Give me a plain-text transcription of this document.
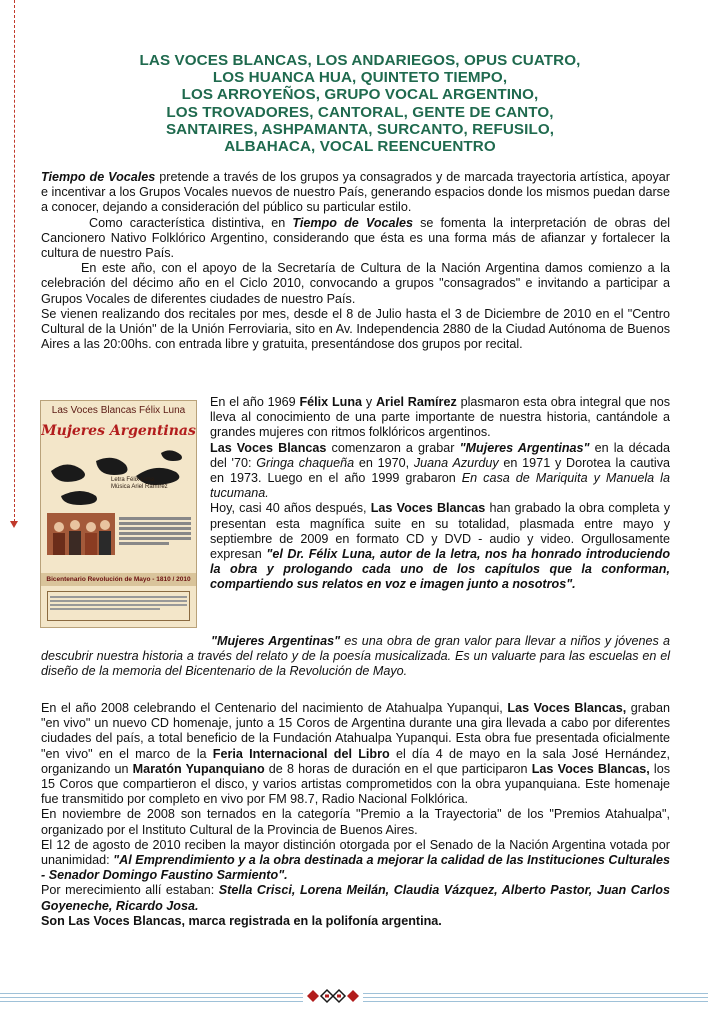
LAS VOCES BLANCAS, LOS ANDARIEGOS, OPUS CUATRO,
LOS HUANCA HUA, QUINTETO TIEMPO,
LOS ARROYEÑOS, GRUPO VOCAL ARGENTINO,
LOS TROVADORES, CANTORAL, GENTE DE CANTO,
SANTAIRES, ASHPAMANTA, SURCANTO, REFUSILO,
ALBAHACA, VOCAL REENCUENTRO

Tiempo de Vocales pretende a través de los grupos ya consagrados y de marcada trayectoria artística, apoyar e incentivar a los Grupos Vocales nuevos de nuestro País, generando espacios donde los mismos puedan darse a conocer, dejando a consideración del público su particular estilo.

Como característica distintiva, en Tiempo de Vocales se fomenta la interpretación de obras del Cancionero Nativo Folklórico Argentino, considerando que ésta es una forma más de afianzar y fortalecer la cultura de nuestro País.

En este año, con el apoyo de la Secretaría de Cultura de la Nación Argentina damos comienzo a la celebración del décimo año en el Ciclo 2010, convocando a grupos "consagrados" e invitando a participar a Grupos Vocales de diferentes ciudades de nuestro País.

Se vienen realizando dos recitales por mes, desde el 8 de Julio hasta el 3 de Diciembre de 2010 en el "Centro Cultural de la Unión" de la Unión Ferroviaria, sito en Av. Independencia 2880 de la Ciudad Autónoma de Buenos Aires a las 20:00hs. con entrada libre y gratuita, presentándose dos grupos por recital.

Las Voces Blancas Félix Luna
Mujeres Argentinas
Letra Félix Luna
Música Ariel Ramírez
Bicentenario Revolución de Mayo - 1810 / 2010

En el año 1969 Félix Luna y Ariel Ramírez plasmaron esta obra integral que nos lleva al conocimiento de una parte importante de nuestra historia, cantándole a grandes mujeres con ritmos folklóricos argentinos.

Las Voces Blancas comenzaron a grabar "Mujeres Argentinas" en la década del '70: Gringa chaqueña en 1970, Juana Azurduy en 1971 y Dorotea la cautiva en 1973. Luego en el año 1999 grabaron En casa de Mariquita y Manuela la tucumana.

Hoy, casi 40 años después, Las Voces Blancas han grabado la obra completa y presentan esta magnífica suite en su totalidad, plasmada entre mayo y septiembre de 2009 en formato CD y DVD - audio y video. Orgullosamente expresan "el Dr. Félix Luna, autor de la letra, nos ha honrado introduciendo la obra y prologando cada uno de los capítulos que la conforman, compartiendo sus relatos en voz e imagen junto a nosotros".

"Mujeres Argentinas" es una obra de gran valor para llevar a niños y jóvenes a descubrir nuestra historia a través del relato y de la poesía musicalizada. Es un valuarte para las escuelas en el diseño de la memoria del Bicentenario de la Revolución de Mayo.

En el año 2008 celebrando el Centenario del nacimiento de Atahualpa Yupanqui, Las Voces Blancas, graban "en vivo" un nuevo CD homenaje, junto a 15 Coros de Argentina durante una gira llevada a cabo por diferentes ciudades del país, a total beneficio de la Fundación Atahualpa Yupanqui. Esta obra fue presentada oficialmente "en vivo" en el marco de la Feria Internacional del Libro el día 4 de mayo en la sala José Hernández, organizando un Maratón Yupanquiano de 8 horas de duración en el que participaron Las Voces Blancas, los 15 Coros que compartieron el disco, y varios artistas comprometidos con la obra yupanquiana. Este homenaje fue transmitido por completo en vivo por FM 98.7, Radio Nacional Folklórica.

En noviembre de 2008 son ternados en la categoría "Premio a la Trayectoria" de los "Premios Atahualpa", organizado por el Instituto Cultural de la Provincia de Buenos Aires.

El 12 de agosto de 2010 reciben la mayor distinción otorgada por el Senado de la Nación Argentina votada por unanimidad: "Al Emprendimiento y a la obra destinada a mejorar la calidad de las Instituciones Culturales - Senador Domingo Faustino Sarmiento".

Por merecimiento allí estaban: Stella Crisci, Lorena Meilán, Claudia Vázquez, Alberto Pastor, Juan Carlos Goyeneche, Ricardo Josa.

Son Las Voces Blancas, marca registrada en la polifonía argentina.
